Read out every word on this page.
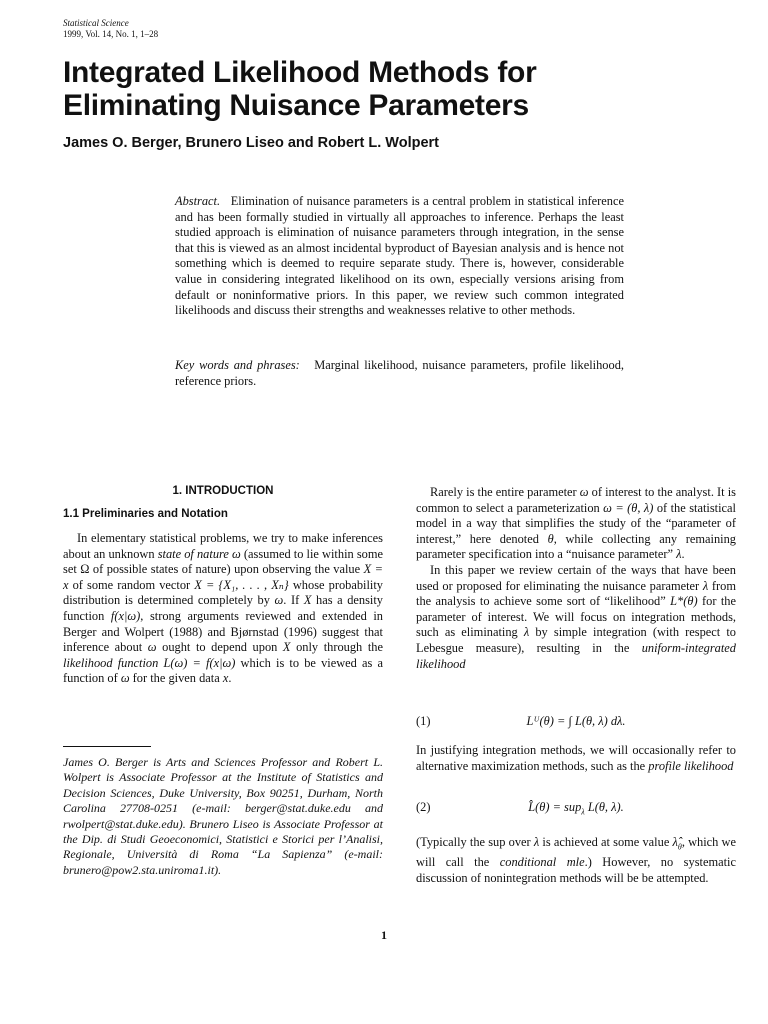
Statistical Science
1999, Vol. 14, No. 1, 1–28
Integrated Likelihood Methods for
Eliminating Nuisance Parameters
James O. Berger, Brunero Liseo and Robert L. Wolpert

Abstract. Elimination of nuisance parameters is a central problem in statistical inference and has been formally studied in virtually all approaches to inference. Perhaps the least studied approach is elimination of nuisance parameters through integration, in the sense that this is viewed as an almost incidental byproduct of Bayesian analysis and is hence not something which is deemed to require separate study. There is, however, considerable value in considering integrated likelihood on its own, especially versions arising from default or noninformative priors. In this paper, we review such common integrated likelihoods and discuss their strengths and weaknesses relative to other methods.

Key words and phrases: Marginal likelihood, nuisance parameters, profile likelihood, reference priors.

1. INTRODUCTION
1.1 Preliminaries and Notation

In elementary statistical problems, we try to make inferences about an unknown state of nature ω (assumed to lie within some set Ω of possible states of nature) upon observing the value X = x of some random vector X = {X₁, . . . , Xₙ} whose probability distribution is determined completely by ω. If X has a density function f(x|ω), strong arguments reviewed and extended in Berger and Wolpert (1988) and Bjørnstad (1996) suggest that inference about ω ought to depend upon X only through the likelihood function L(ω) = f(x|ω) which is to be viewed as a function of ω for the given data x.

James O. Berger is Arts and Sciences Professor and Robert L. Wolpert is Associate Professor at the Institute of Statistics and Decision Sciences, Duke University, Box 90251, Durham, North Carolina 27708-0251 (e-mail: berger@stat.duke.edu and rwolpert@stat.duke.edu). Brunero Liseo is Associate Professor at the Dip. di Studi Geoeconomici, Statistici e Storici per l’Analisi, Regionale, Università di Roma “La Sapienza” (e-mail: brunero@pow2.sta.uniroma1.it).

Rarely is the entire parameter ω of interest to the analyst. It is common to select a parameterization ω = (θ, λ) of the statistical model in a way that simplifies the study of the “parameter of interest,” here denoted θ, while collecting any remaining parameter specification into a “nuisance parameter” λ.

In this paper we review certain of the ways that have been used or proposed for eliminating the nuisance parameter λ from the analysis to achieve some sort of “likelihood” L*(θ) for the parameter of interest. We will focus on integration methods, such as eliminating λ by simple integration (with respect to Lebesgue measure), resulting in the uniform-integrated likelihood

(1)	Lᵁ(θ) = ∫ L(θ, λ) dλ.

In justifying integration methods, we will occasionally refer to alternative maximization methods, such as the profile likelihood

(2)	L̂(θ) = sup$_\lambda$ L(θ, λ).

(Typically the sup over λ is achieved at some value $\lambdâ_\theta$, which we will call the conditional mle.) However, no systematic discussion of nonintegration methods will be be attempted.

1
